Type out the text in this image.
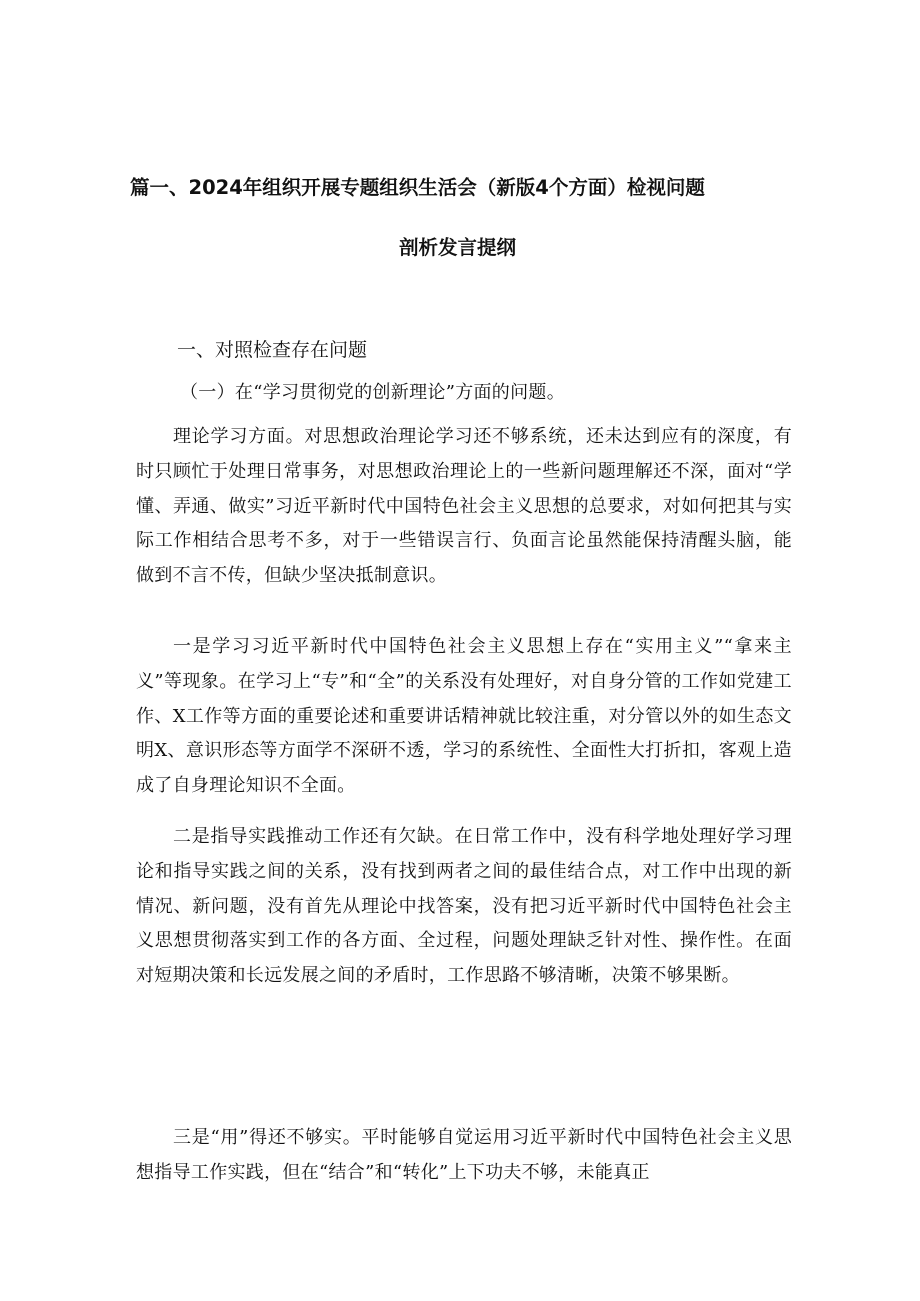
篇一、2024年组织开展专题组织生活会（新版4个方面）检视问题
剖析发言提纲
一、对照检查存在问题

（一）在“学习贯彻党的创新理论”方面的问题。

理论学习方面。对思想政治理论学习还不够系统，还未达到应有的深度，有时只顾忙于处理日常事务，对思想政治理论上的一些新问题理解还不深，面对“学懂、弄通、做实”习近平新时代中国特色社会主义思想的总要求，对如何把其与实际工作相结合思考不多，对于一些错误言行、负面言论虽然能保持清醒头脑，能做到不言不传，但缺少坚决抵制意识。

一是学习习近平新时代中国特色社会主义思想上存在“实用主义”“拿来主义”等现象。在学习上“专”和“全”的关系没有处理好，对自身分管的工作如党建工作、X工作等方面的重要论述和重要讲话精神就比较注重，对分管以外的如生态文明X、意识形态等方面学不深研不透，学习的系统性、全面性大打折扣，客观上造成了自身理论知识不全面。

二是指导实践推动工作还有欠缺。在日常工作中，没有科学地处理好学习理论和指导实践之间的关系，没有找到两者之间的最佳结合点，对工作中出现的新情况、新问题，没有首先从理论中找答案，没有把习近平新时代中国特色社会主义思想贯彻落实到工作的各方面、全过程，问题处理缺乏针对性、操作性。在面对短期决策和长远发展之间的矛盾时，工作思路不够清晰，决策不够果断。

三是“用”得还不够实。平时能够自觉运用习近平新时代中国特色社会主义思想指导工作实践，但在“结合”和“转化”上下功夫不够，未能真正
